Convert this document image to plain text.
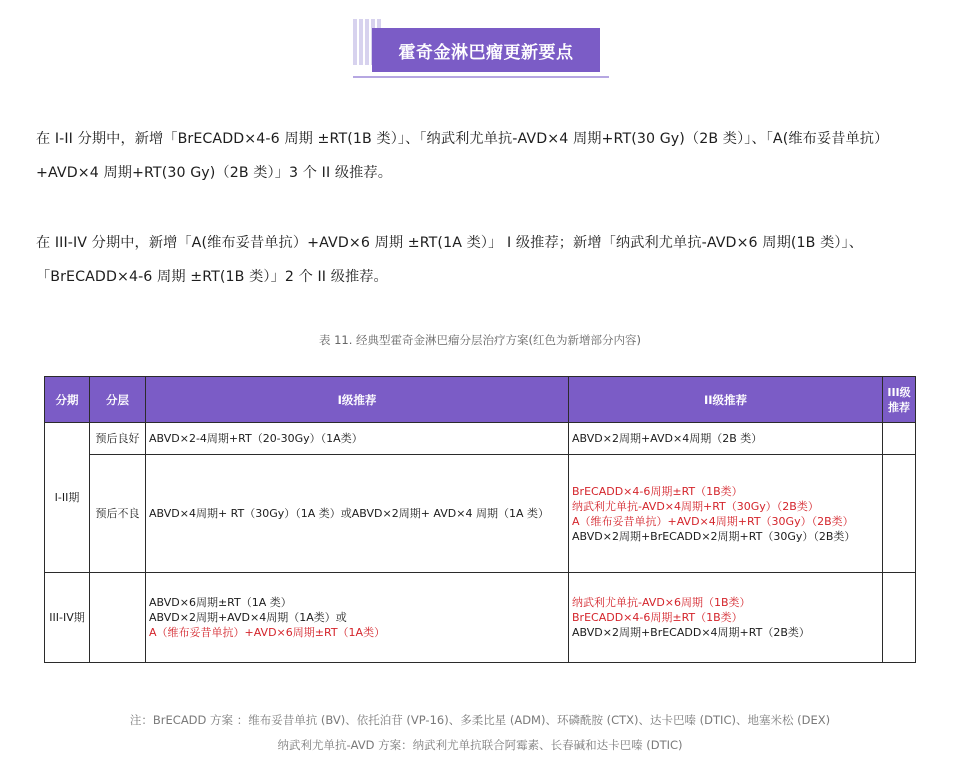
霍奇金淋巴瘤更新要点
在 I-II 分期中，新增「BrECADD×4-6 周期 ±RT(1B 类）」、「纳武利尤单抗-AVD×4 周期+RT(30 Gy)（2B 类）」、「A(维布妥昔单抗）+AVD×4 周期+RT(30 Gy)（2B 类）」3 个 II 级推荐。
在 III-IV 分期中，新增「A(维布妥昔单抗）+AVD×6 周期 ±RT(1A 类）」 I 级推荐；新增「纳武利尤单抗-AVD×6 周期(1B 类）」、「BrECADD×4-6 周期 ±RT(1B 类）」2 个 II 级推荐。
表 11. 经典型霍奇金淋巴瘤分层治疗方案(红色为新增部分内容)
分期	分层	I级推荐	II级推荐	III级推荐
I-II期	预后良好	ABVD×2-4周期+RT（20-30Gy）（1A类）	ABVD×2周期+AVD×4周期（2B 类）	

	预后不良	ABVD×4周期+ RT（30Gy）（1A 类）或ABVD×2周期+ AVD×4 周期（1A 类）	BrECADD×4-6周期±RT（1B类）
纳武利尤单抗-AVD×4周期+RT（30Gy）（2B类）
A（维布妥昔单抗）+AVD×4周期+RT（30Gy）（2B类）
ABVD×2周期+BrECADD×2周期+RT（30Gy）（2B类）	

III-IV期		ABVD×6周期±RT（1A 类）
ABVD×2周期+AVD×4周期（1A类）或
A（维布妥昔单抗）+AVD×6周期±RT（1A类）	纳武利尤单抗-AVD×6周期（1B类）
BrECADD×4-6周期±RT（1B类）
ABVD×2周期+BrECADD×4周期+RT（2B类）	

注：BrECADD 方案 ：维布妥昔单抗 (BV)、依托泊苷 (VP-16)、多柔比星 (ADM)、环磷酰胺 (CTX)、达卡巴嗪 (DTIC)、地塞米松 (DEX)
纳武利尤单抗-AVD 方案：纳武利尤单抗联合阿霉素、长春碱和达卡巴嗪 (DTIC)
